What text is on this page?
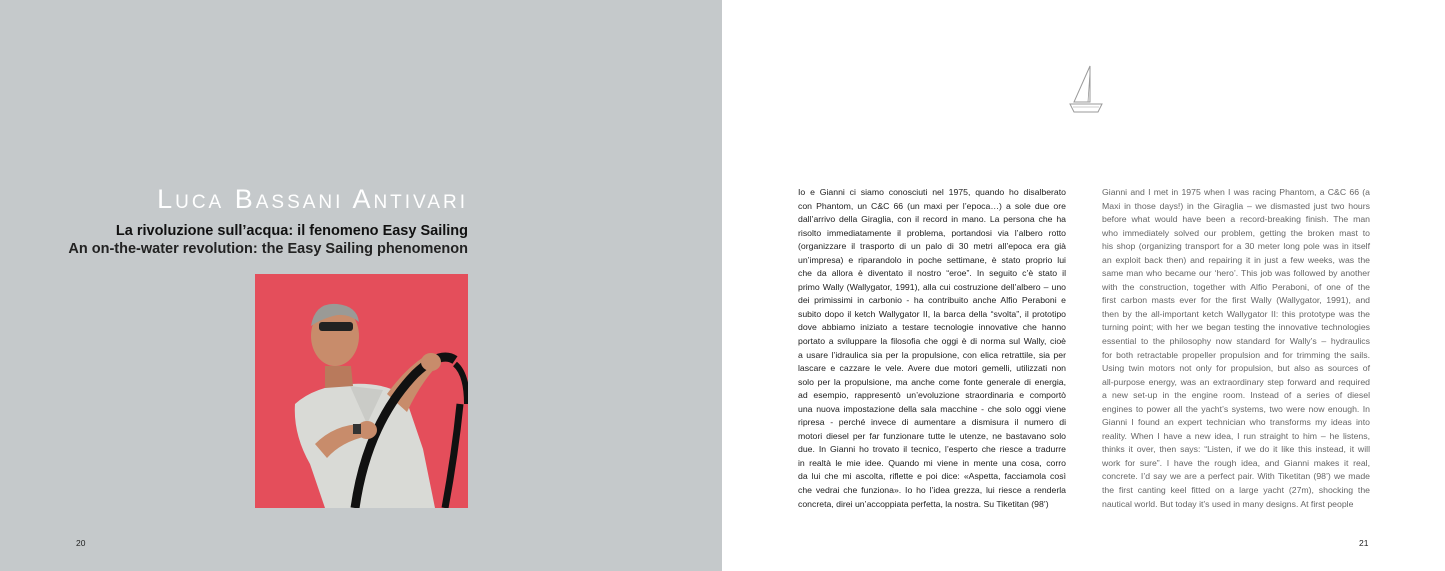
Luca Bassani Antivari
La rivoluzione sull’acqua: il fenomeno Easy Sailing
An on-the-water revolution: the Easy Sailing phenomenon
20
Io e Gianni ci siamo conosciuti nel 1975, quando ho disalberato
con Phantom, un C&C 66 (un maxi per l’epoca…) a sole due ore
dall’arrivo della Giraglia, con il record in mano. La persona che ha
risolto immediatamente il problema, portandosi via l’albero rotto
(organizzare il trasporto di un palo di 30 metri all’epoca era già
un’impresa) e riparandolo in poche settimane, è stato proprio lui
che da allora è diventato il nostro “eroe”. In seguito c’è stato il
primo Wally (Wallygator, 1991), alla cui costruzione dell’albero – uno
dei primissimi in carbonio - ha contribuito anche Alfio Peraboni e
subito dopo il ketch Wallygator II, la barca della “svolta”, il prototipo
dove abbiamo iniziato a testare tecnologie innovative che hanno
portato a sviluppare la filosofia che oggi è di norma sul Wally, cioè
a usare l’idraulica sia per la propulsione, con elica retrattile, sia per
lascare e cazzare le vele. Avere due motori gemelli, utilizzati non
solo per la propulsione, ma anche come fonte generale di energia,
ad esempio, rappresentò un’evoluzione straordinaria e comportò
una nuova impostazione della sala macchine - che solo oggi viene
ripresa - perché invece di aumentare a dismisura il numero di
motori diesel per far funzionare tutte le utenze, ne bastavano solo
due. In Gianni ho trovato il tecnico, l’esperto che riesce a tradurre
in realtà le mie idee. Quando mi viene in mente una cosa, corro
da lui che mi ascolta, riflette e poi dice: «Aspetta, facciamola così
che vedrai che funziona». Io ho l’idea grezza, lui riesce a renderla
concreta, direi un’accoppiata perfetta, la nostra. Su Tiketitan (98’)
Gianni and I met in 1975 when I was racing Phantom, a C&C 66 (a
Maxi in those days!) in the Giraglia – we dismasted just two hours
before what would have been a record-breaking finish. The man
who immediately solved our problem, getting the broken mast to
his shop (organizing transport for a 30 meter long pole was in itself
an exploit back then) and repairing it in just a few weeks, was the
same man who became our ‘hero’. This job was followed by another
with the construction, together with Alfio Peraboni, of one of the
first carbon masts ever for the first Wally (Wallygator, 1991), and
then by the all-important ketch Wallygator II: this prototype was the
turning point; with her we began testing the innovative technologies
essential to the philosophy now standard for Wally’s – hydraulics
for both retractable propeller propulsion and for trimming the sails.
Using twin motors not only for propulsion, but also as sources of
all-purpose energy, was an extraordinary step forward and required
a new set-up in the engine room. Instead of a series of diesel
engines to power all the yacht’s systems, two were now enough. In
Gianni I found an expert technician who transforms my ideas into
reality. When I have a new idea, I run straight to him – he listens,
thinks it over, then says: “Listen, if we do it like this instead, it will
work for sure”. I have the rough idea, and Gianni makes it real,
concrete. I’d say we are a perfect pair. With Tiketitan (98’) we made
the first canting keel fitted on a large yacht (27m), shocking the
nautical world. But today it’s used in many designs. At first people
21
